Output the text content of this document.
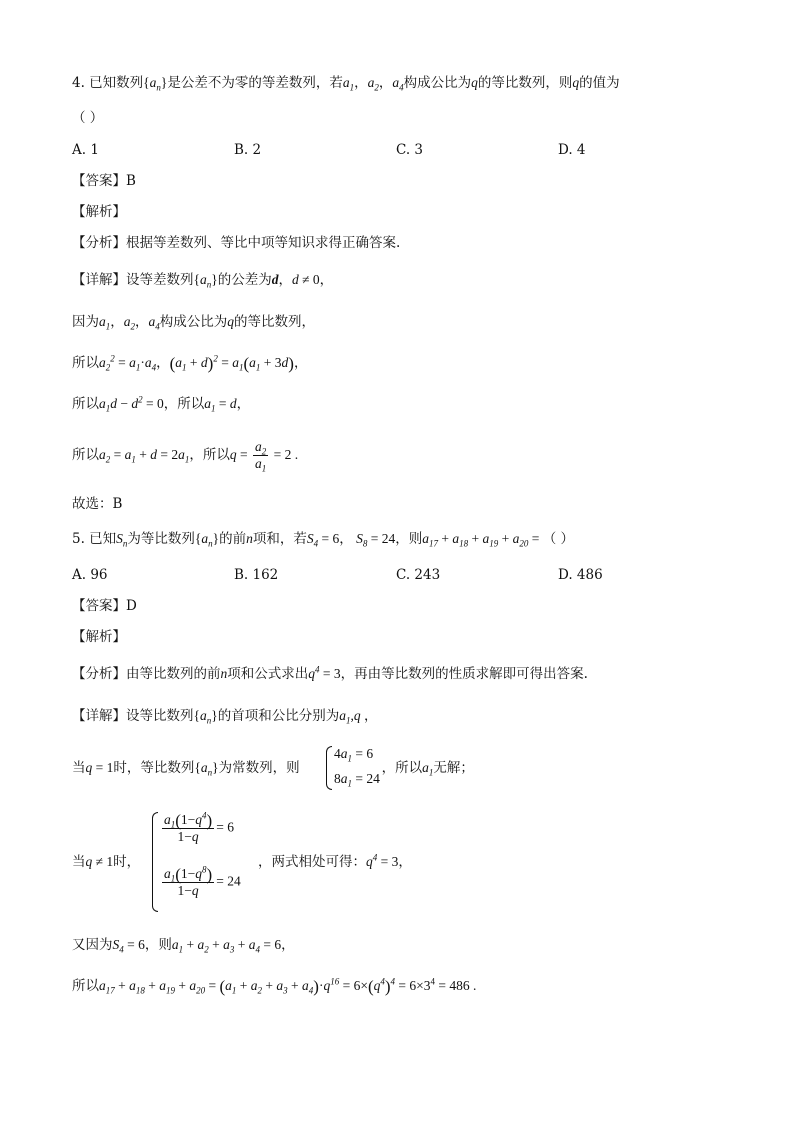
4. 已知数列$\{a_n\}$是公差不为零的等差数列，若$a_1$，$a_2$，$a_4$构成公比为q的等比数列，则q的值为
（ ）
A. 1	B. 2	C. 3	D. 4
【答案】B
【解析】
【分析】根据等差数列、等比中项等知识求得正确答案.
【详解】设等差数列$\{a_n\}$的公差为d，d ≠ 0，
因为$a_1$，$a_2$，$a_4$构成公比为q的等比数列，
所以$a_2^2 = a_1\cdot a_4$，$(a_1 + d)^2 = a_1(a_1 + 3d)$，
所以$a_1d - d^2 = 0$，所以$a_1 = d$，
所以$a_2 = a_1 + d = 2a_1$，所以$q = \frac{a_2}{a_1} = 2$ .
故选：B
5. 已知$S_n$为等比数列$\{a_n\}$的前n项和，若$S_4 = 6$， $S_8 = 24$，则$a_{17} + a_{18} + a_{19} + a_{20}$ = （ ）
A. 96	B. 162	C. 243	D. 486
【答案】D
【解析】
【分析】由等比数列的前n项和公式求出$q^4 = 3$，再由等比数列的性质求解即可得出答案.
【详解】设等比数列$\{a_n\}$的首项和公比分别为$a_1,q$ ，
当q = 1时，等比数列$\{a_n\}$为常数列，则	，所以$a_1$无解；
$4a_1 = 6$
$8a_1 = 24$
当q ≠ 1时，
$\frac{a_1(1-q^4)}{1-q} = 6$
$\frac{a_1(1-q^8)}{1-q} = 24$
，两式相处可得：$q^4 = 3$，
又因为$S_4 = 6$，则$a_1 + a_2 + a_3 + a_4 = 6$，
所以$a_{17} + a_{18} + a_{19} + a_{20} = (a_1 + a_2 + a_3 + a_4)\cdot q^{16} = 6\times(q^4)^4 = 6\times 3^4 = 486$ .
